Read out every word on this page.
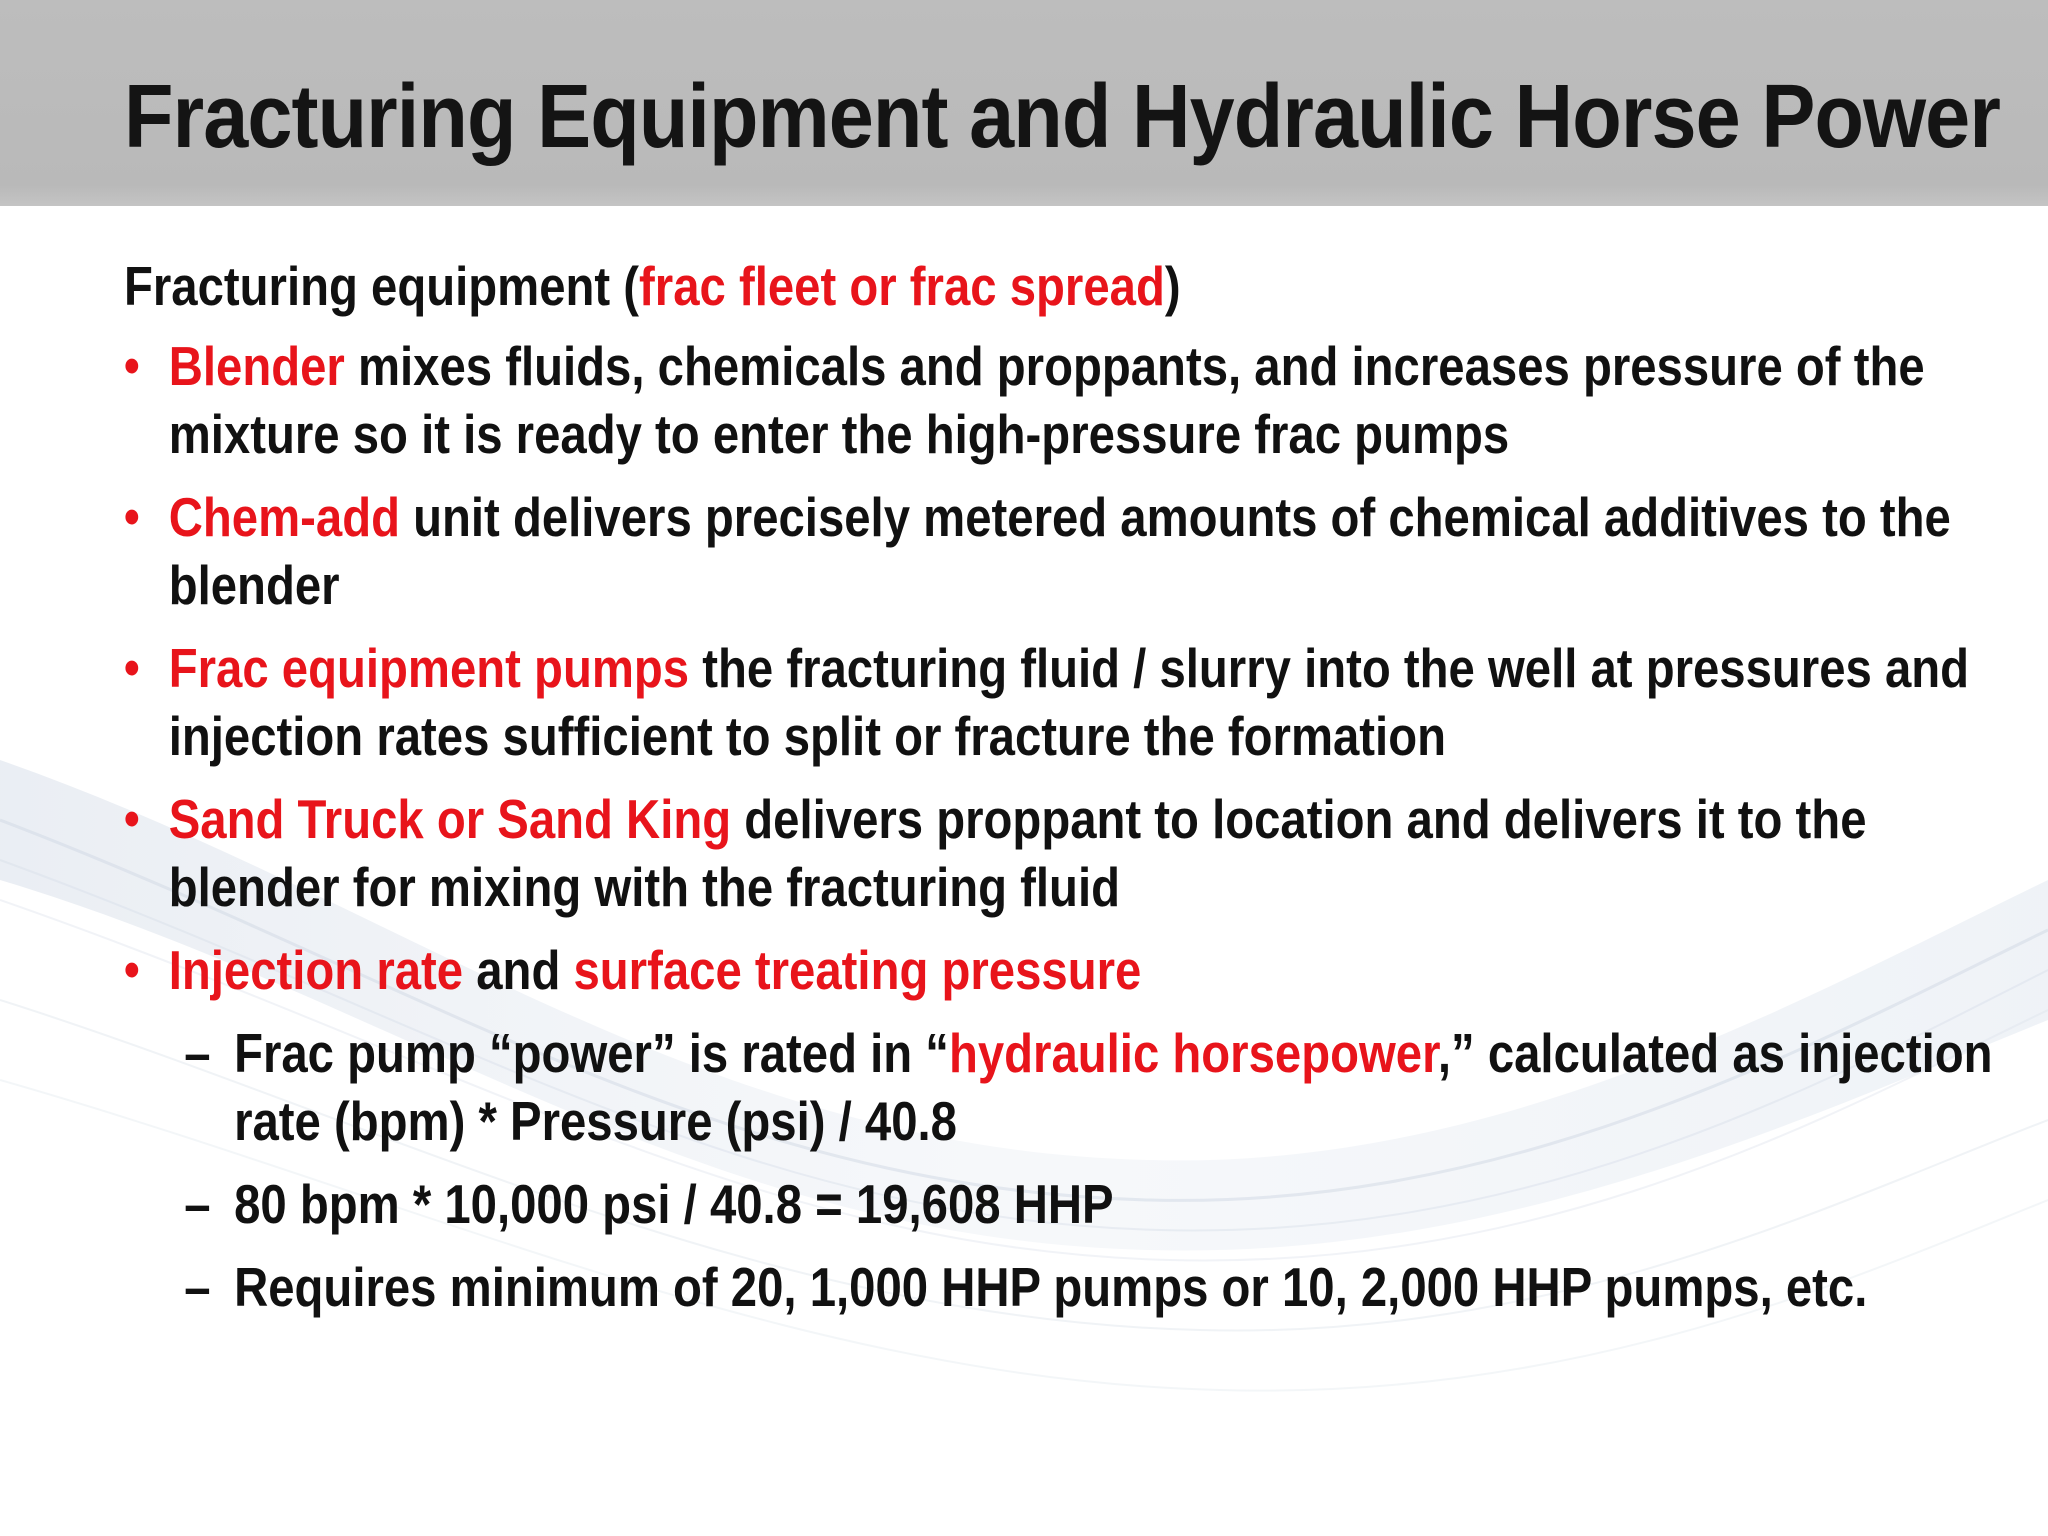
Fracturing Equipment and Hydraulic Horse Power

Fracturing equipment (frac fleet or frac spread)

• Blender mixes fluids, chemicals and proppants, and increases pressure of the mixture so it is ready to enter the high-pressure frac pumps
• Chem-add unit delivers precisely metered amounts of chemical additives to the blender
• Frac equipment pumps the fracturing fluid / slurry into the well at pressures and injection rates sufficient to split or fracture the formation
• Sand Truck or Sand King delivers proppant to location and delivers it to the blender for mixing with the fracturing fluid
• Injection rate and surface treating pressure
– Frac pump “power” is rated in “hydraulic horsepower,” calculated as injection rate (bpm) * Pressure (psi) / 40.8
– 80 bpm * 10,000 psi / 40.8 = 19,608 HHP
– Requires minimum of 20, 1,000 HHP pumps or 10, 2,000 HHP pumps, etc.
